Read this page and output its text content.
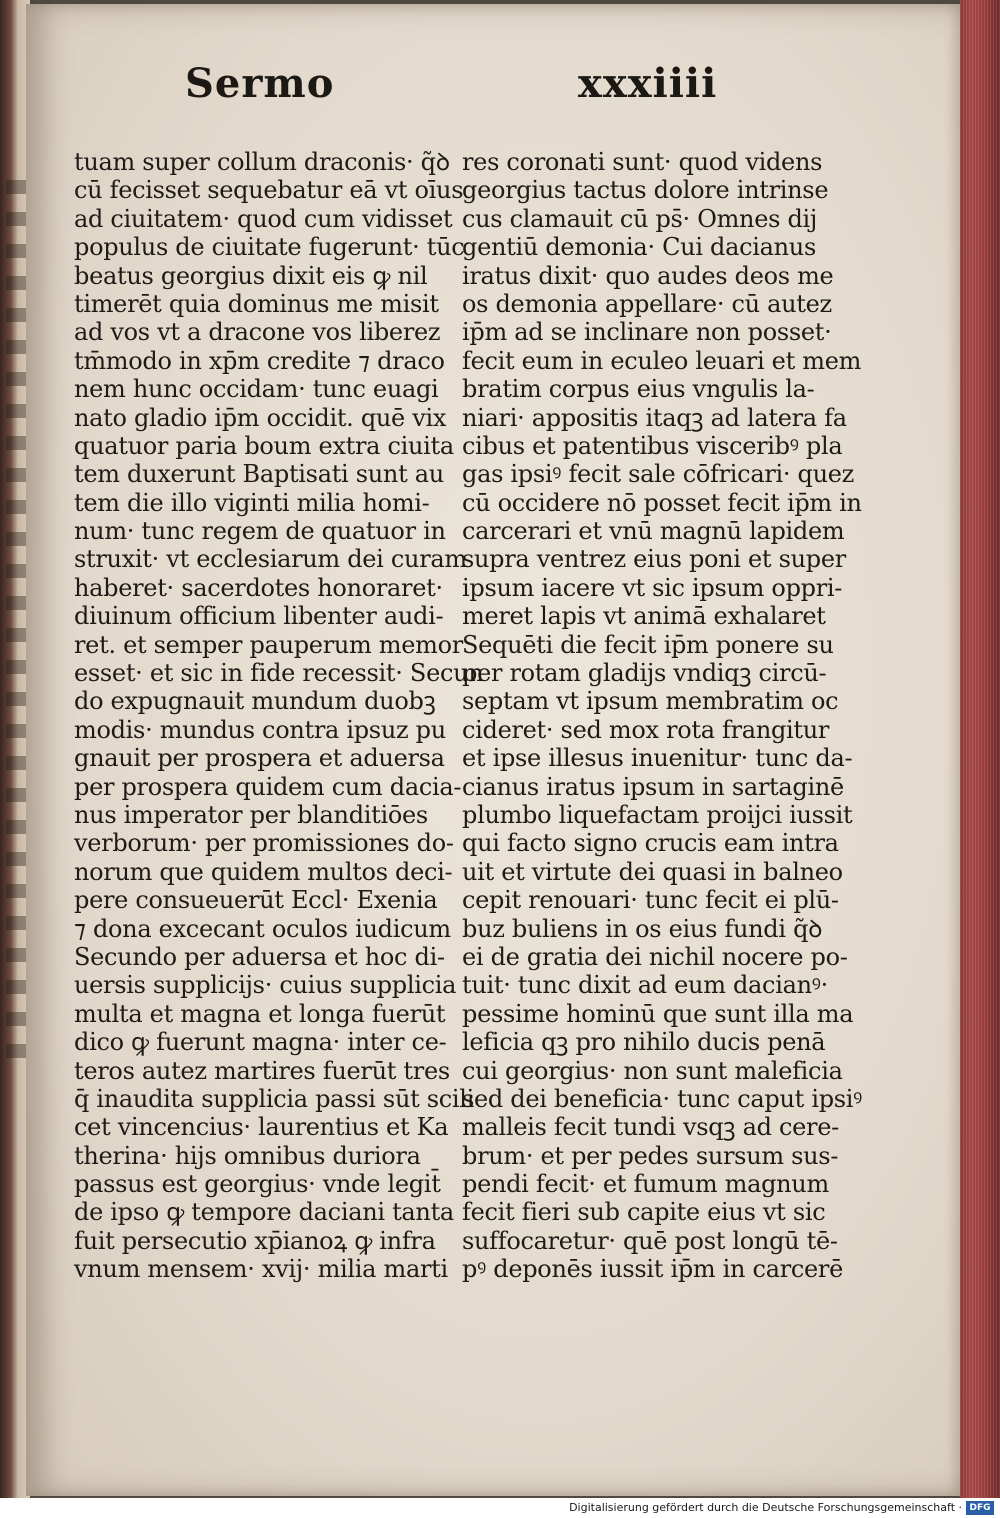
Sermo	xxxiiii
tuam super collum draconis· q̃ꝺ
cū fecisset sequebatur eā vt oīus
ad ciuitatem· quod cum vidisset
populus de ciuitate fugerunt· tūc
beatus georgius dixit eis ꝙ nil
timerēt quia dominus me misit
ad vos vt a dracone vos liberez
tm̄modo in xp̄m credite ⁊ draco
nem hunc occidam· tunc euagi
nato gladio ip̄m occidit. quē vix
quatuor paria boum extra ciuita
tem duxerunt Baptisati sunt au
tem die illo viginti milia homi-
num· tunc regem de quatuor in
struxit· vt ecclesiarum dei curam
haberet· sacerdotes honoraret·
diuinum officium libenter audi-
ret. et semper pauperum memor
esset· et sic in fide recessit· Secun
do expugnauit mundum duobꝫ
modis· mundus contra ipsuz pu
gnauit per prospera et aduersa
per prospera quidem cum dacia-
nus imperator per blanditiōes
verborum· per promissiones do-
norum que quidem multos deci-
pere consueuerūt Eccl· Exenia
⁊ dona excecant oculos iudicum
Secundo per aduersa et hoc di-
uersis supplicijs· cuius supplicia
multa et magna et longa fuerūt
dico ꝙ fuerunt magna· inter ce-
teros autez martires fuerūt tres
q̄ inaudita supplicia passi sūt scili
cet vincencius· laurentius et Ka
therina· hijs omnibus duriora
passus est georgius· vnde legit̄
de ipso ꝙ tempore daciani tanta
fuit persecutio xp̄ianoꝝ ꝙ infra
vnum mensem· xvij· milia marti
res coronati sunt· quod videns
georgius tactus dolore intrinse
cus clamauit cū ps̄· Omnes dij
gentiū demonia· Cui dacianus
iratus dixit· quo audes deos me
os demonia appellare· cū autez
ip̄m ad se inclinare non posset·
fecit eum in eculeo leuari et mem
bratim corpus eius vngulis la-
niari· appositis itaqꝫ ad latera fa
cibus et patentibus visceribꝰ pla
gas ipsiꝰ fecit sale cōfricari· quez
cū occidere nō posset fecit ip̄m in
carcerari et vnū magnū lapidem
supra ventrez eius poni et super
ipsum iacere vt sic ipsum oppri-
meret lapis vt animā exhalaret
Sequēti die fecit ip̄m ponere su
per rotam gladijs vndiqꝫ circū-
septam vt ipsum membratim oc
cideret· sed mox rota frangitur
et ipse illesus inuenitur· tunc da-
cianus iratus ipsum in sartaginē
plumbo liquefactam proijci iussit
qui facto signo crucis eam intra
uit et virtute dei quasi in balneo
cepit renouari· tunc fecit ei plū-
buz buliens in os eius fundi q̃ꝺ
ei de gratia dei nichil nocere po-
tuit· tunc dixit ad eum dacianꝰ·
pessime hominū que sunt illa ma
leficia qꝫ pro nihilo ducis penā
cui georgius· non sunt maleficia
sed dei beneficia· tunc caput ipsiꝰ
malleis fecit tundi vsqꝫ ad cere-
brum· et per pedes sursum sus-
pendi fecit· et fumum magnum
fecit fieri sub capite eius vt sic
suffocaretur· quē post longū tē-
pꝰ deponēs iussit ip̄m in carcerē
Digitalisierung gefördert durch die Deutsche Forschungsgemeinschaft · DFG
